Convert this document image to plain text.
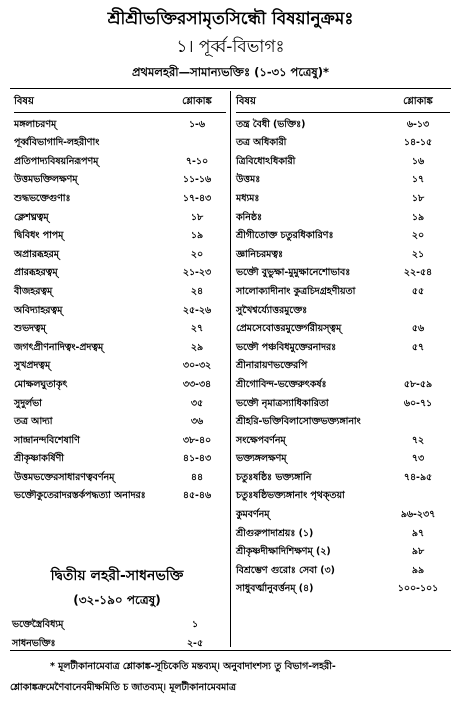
শ্রীশ্রীভক্তিরসামৃতসিন্ধৌ বিষয়ানুক্রমঃ
১। পূর্ব্ব-বিভাগঃ
প্রথমলহরী—সামান্যভক্তিঃ (১-৩১ পত্রেষু)*
বিষয়	শ্লোকাঙ্ক
মঙ্গলাচরণম্	১-৬
পূর্ব্ববিভাগাদি-লহরীণাং
প্রতিপাদ্যবিষয়নিরূপণম্	৭-১০
উত্তমভক্তিলক্ষণম্	১১-১৬
শুদ্ধভক্তেগুণাঃ	১৭-৪৩
ক্লেশঘ্নত্বম্	১৮
দ্বিবিধং পাপম্	১৯
অপ্রারব্ধহরম্	২০
প্রারব্ধহরত্বম্	২১-২৩
বীজহরত্বম্	২৪
অবিদ্যাহরত্বম্	২৫-২৬
শুভদত্বম্	২৭
জগৎপ্রীণনাদিত্বং-প্রদত্বম্	২৯
সুখপ্রদত্বম্	৩০-৩২
মোক্ষলঘুতাকৃৎ	৩৩-৩৪
সুদুর্লভা	৩৫
তত্র আদ্যা	৩৬
সান্দ্রানন্দবিশেষাণি	৩৮-৪০
শ্রীকৃষ্ণাকর্ষিণী	৪১-৪৩
উত্তমভক্তেরসাধারণত্ববর্ণনম্	৪৪
ভক্তৌকুতেরাদরস্তর্কপদ্ধত্যা অনাদরঃ	৪৫-৪৬
বিষয়	শ্লোকাঙ্ক
তন্ত্র বৈধী (ভক্তিঃ)	৬-১৩
তত্র অধিকারী	১৪-১৫
ত্রিবিধোঽধিকারী	১৬
উত্তমঃ	১৭
মধ্যমঃ	১৮
কনিষ্ঠঃ	১৯
শ্রীগীতোক্ত চতুরধিকারিণঃ	২০
জ্ঞানিচরমত্বঃ	২১
ভক্তৌ বুভুক্ষা-মুমুক্ষানেশোভাবঃ	২২-৫৪
সালোক্যাদীনাং কুত্রচিদগ্রহণীয়তা	৫৫
সুখৈশ্বর্য্যোত্তরমুক্তেঃ
প্রেমসেবোত্তরমুক্তের্গরীয়স্ত্বম্	৫৬
ভক্তৌ পঞ্চবিধমুক্তেরনাদরঃ	৫৭
শ্রীনারায়ণভক্তেরপি
শ্রীগোবিন্দ-ভক্তেরুৎকর্ষঃ	৫৮-৫৯
ভক্তৌ নৃমাত্রস্যাধিকারিতা	৬০-৭১
শ্রীহরি-ভক্তিবিলাসোক্তভক্ত্যঙ্গানাং
সংক্ষেপবর্ণনম্	৭২
ভক্ত্যঙ্গলক্ষণম্	৭৩
চতুঃষষ্ঠিঃ ভক্ত্যঙ্গানি	৭৪-৯৫
চতুঃষষ্ঠিভক্ত্যঙ্গানাং পৃথক্‌তয়া
কুমবর্ণনম্	৯৬-২৩৭
শ্রীগুরুপাদাশ্রয়ঃ (১)	৯৭
শ্রীকৃষ্ণদীক্ষাদিশিক্ষণম্ (২)	৯৮
বিশ্রম্ভেণ গুরোঃ সেবা (৩)	৯৯
সাধুবর্ত্মানুবর্ত্তনম্ (৪)	১০০-১০১
দ্বিতীয় লহরী-সাধনভক্তি
(৩২-১৯০ পত্রেষু)
ভক্তেস্ত্রৈবিধ্যম্	১
সাধনভক্তিঃ	২-৫
* মূলটীকানামেবাত্র শ্লোকাঙ্ক-সূচিকেতি মন্তব্যম্। অনুবাদাংশস্য তু বিভাগ-লহরী-
শ্লোকাঙ্কক্রমেণৈবানেবমীক্ষমিতি চ জাতব্যম্। মূলটীকানামেবমাত্র
